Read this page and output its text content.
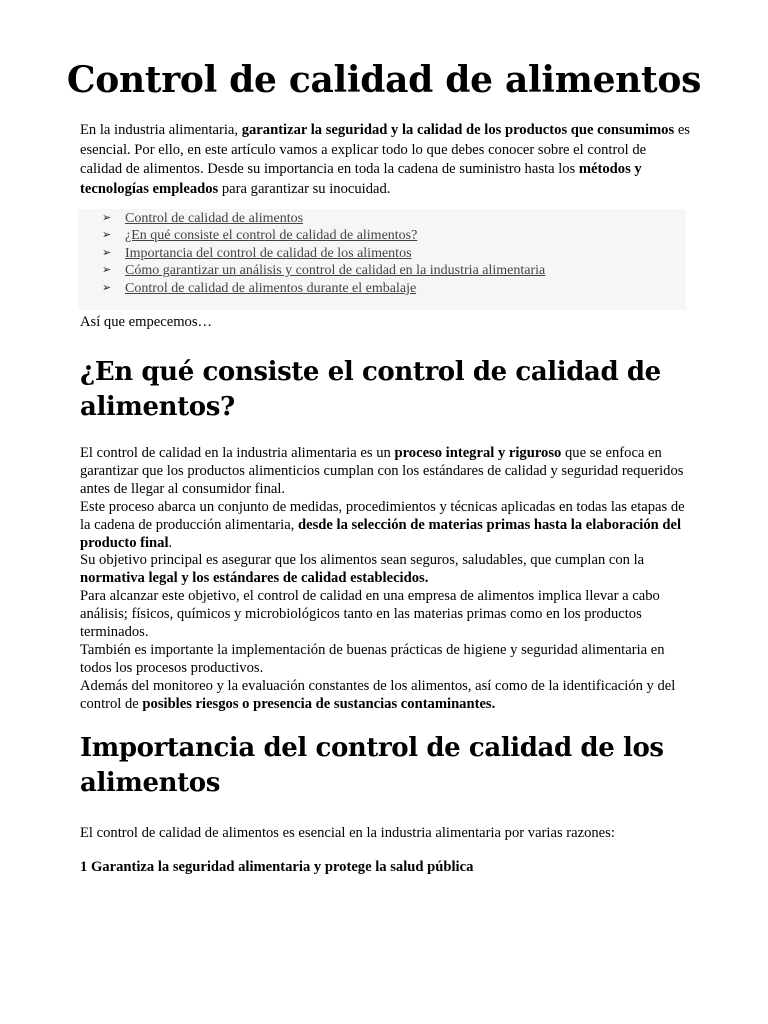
Control de calidad de alimentos

En la industria alimentaria, garantizar la seguridad y la calidad de los productos que consumimos es esencial. Por ello, en este artículo vamos a explicar todo lo que debes conocer sobre el control de calidad de alimentos. Desde su importancia en toda la cadena de suministro hasta los métodos y tecnologías empleados para garantizar su inocuidad.

➢ Control de calidad de alimentos
➢ ¿En qué consiste el control de calidad de alimentos?
➢ Importancia del control de calidad de los alimentos
➢ Cómo garantizar un análisis y control de calidad en la industria alimentaria
➢ Control de calidad de alimentos durante el embalaje

Así que empecemos…

¿En qué consiste el control de calidad de alimentos?
El control de calidad en la industria alimentaria es un proceso integral y riguroso que se enfoca en garantizar que los productos alimenticios cumplan con los estándares de calidad y seguridad requeridos antes de llegar al consumidor final.
Este proceso abarca un conjunto de medidas, procedimientos y técnicas aplicadas en todas las etapas de la cadena de producción alimentaria, desde la selección de materias primas hasta la elaboración del producto final.
Su objetivo principal es asegurar que los alimentos sean seguros, saludables, que cumplan con la normativa legal y los estándares de calidad establecidos.
Para alcanzar este objetivo, el control de calidad en una empresa de alimentos implica llevar a cabo análisis; físicos, químicos y microbiológicos tanto en las materias primas como en los productos terminados.
También es importante la implementación de buenas prácticas de higiene y seguridad alimentaria en todos los procesos productivos.
Además del monitoreo y la evaluación constantes de los alimentos, así como de la identificación y del control de posibles riesgos o presencia de sustancias contaminantes.
Importancia del control de calidad de los alimentos

El control de calidad de alimentos es esencial en la industria alimentaria por varias razones:

1 Garantiza la seguridad alimentaria y protege la salud pública
